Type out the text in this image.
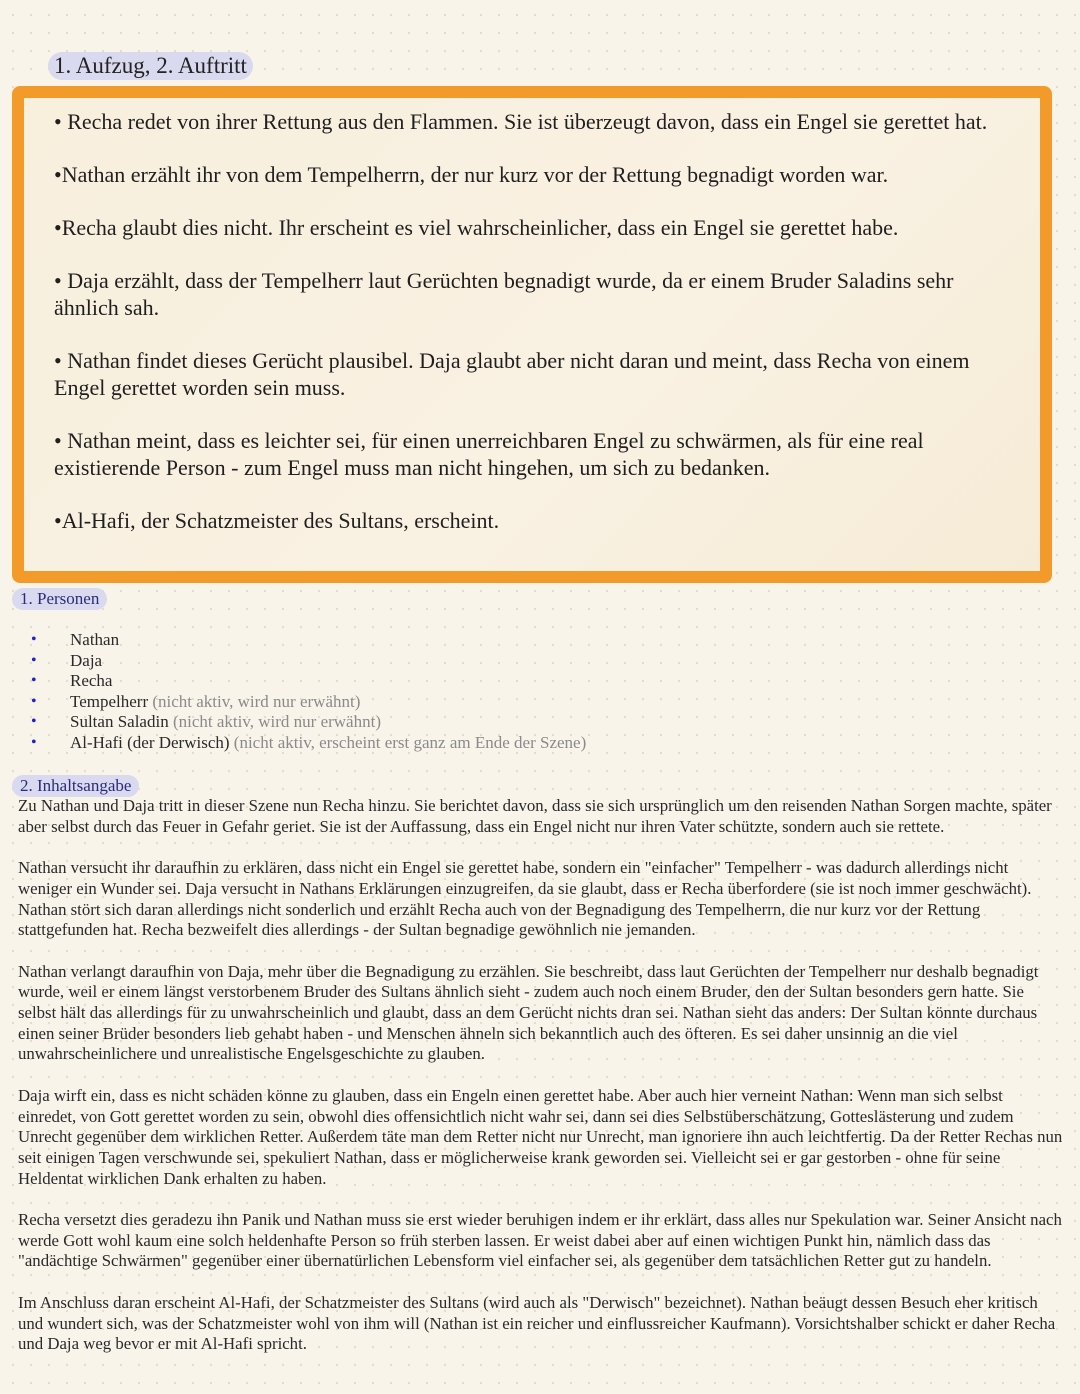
1. Aufzug, 2. Auftritt
• Recha redet von ihrer Rettung aus den Flammen. Sie ist überzeugt davon, dass ein Engel sie gerettet hat.
•Nathan erzählt ihr von dem Tempelherrn, der nur kurz vor der Rettung begnadigt worden war.
•Recha glaubt dies nicht. Ihr erscheint es viel wahrscheinlicher, dass ein Engel sie gerettet habe.
• Daja erzählt, dass der Tempelherr laut Gerüchten begnadigt wurde, da er einem Bruder Saladins sehr ähnlich sah.
• Nathan findet dieses Gerücht plausibel. Daja glaubt aber nicht daran und meint, dass Recha von einem Engel gerettet worden sein muss.
• Nathan meint, dass es leichter sei, für einen unerreichbaren Engel zu schwärmen, als für eine real existierende Person - zum Engel muss man nicht hingehen, um sich zu bedanken.
•Al-Hafi, der Schatzmeister des Sultans, erscheint.
1. Personen
• Nathan
• Daja
• Recha
• Tempelherr (nicht aktiv, wird nur erwähnt)
• Sultan Saladin (nicht aktiv, wird nur erwähnt)
• Al-Hafi (der Derwisch) (nicht aktiv, erscheint erst ganz am Ende der Szene)
2. Inhaltsangabe

Zu Nathan und Daja tritt in dieser Szene nun Recha hinzu. Sie berichtet davon, dass sie sich ursprünglich um den reisenden Nathan Sorgen machte, später aber selbst durch das Feuer in Gefahr geriet. Sie ist der Auffassung, dass ein Engel nicht nur ihren Vater schützte, sondern auch sie rettete.

Nathan versucht ihr daraufhin zu erklären, dass nicht ein Engel sie gerettet habe, sondern ein "einfacher" Tempelherr - was dadurch allerdings nicht weniger ein Wunder sei. Daja versucht in Nathans Erklärungen einzugreifen, da sie glaubt, dass er Recha überfordere (sie ist noch immer geschwächt). Nathan stört sich daran allerdings nicht sonderlich und erzählt Recha auch von der Begnadigung des Tempelherrn, die nur kurz vor der Rettung stattgefunden hat. Recha bezweifelt dies allerdings - der Sultan begnadige gewöhnlich nie jemanden.

Nathan verlangt daraufhin von Daja, mehr über die Begnadigung zu erzählen. Sie beschreibt, dass laut Gerüchten der Tempelherr nur deshalb begnadigt wurde, weil er einem längst verstorbenem Bruder des Sultans ähnlich sieht - zudem auch noch einem Bruder, den der Sultan besonders gern hatte. Sie selbst hält das allerdings für zu unwahrscheinlich und glaubt, dass an dem Gerücht nichts dran sei. Nathan sieht das anders: Der Sultan könnte durchaus einen seiner Brüder besonders lieb gehabt haben - und Menschen ähneln sich bekanntlich auch des öfteren. Es sei daher unsinnig an die viel unwahrscheinlichere und unrealistische Engelsgeschichte zu glauben.

Daja wirft ein, dass es nicht schäden könne zu glauben, dass ein Engeln einen gerettet habe. Aber auch hier verneint Nathan: Wenn man sich selbst einredet, von Gott gerettet worden zu sein, obwohl dies offensichtlich nicht wahr sei, dann sei dies Selbstüberschätzung, Gotteslästerung und zudem Unrecht gegenüber dem wirklichen Retter. Außerdem täte man dem Retter nicht nur Unrecht, man ignoriere ihn auch leichtfertig. Da der Retter Rechas nun seit einigen Tagen verschwunde sei, spekuliert Nathan, dass er möglicherweise krank geworden sei. Vielleicht sei er gar gestorben - ohne für seine Heldentat wirklichen Dank erhalten zu haben.

Recha versetzt dies geradezu ihn Panik und Nathan muss sie erst wieder beruhigen indem er ihr erklärt, dass alles nur Spekulation war. Seiner Ansicht nach werde Gott wohl kaum eine solch heldenhafte Person so früh sterben lassen. Er weist dabei aber auf einen wichtigen Punkt hin, nämlich dass das "andächtige Schwärmen" gegenüber einer übernatürlichen Lebensform viel einfacher sei, als gegenüber dem tatsächlichen Retter gut zu handeln.

Im Anschluss daran erscheint Al-Hafi, der Schatzmeister des Sultans (wird auch als "Derwisch" bezeichnet). Nathan beäugt dessen Besuch eher kritisch und wundert sich, was der Schatzmeister wohl von ihm will (Nathan ist ein reicher und einflussreicher Kaufmann). Vorsichtshalber schickt er daher Recha und Daja weg bevor er mit Al-Hafi spricht.
